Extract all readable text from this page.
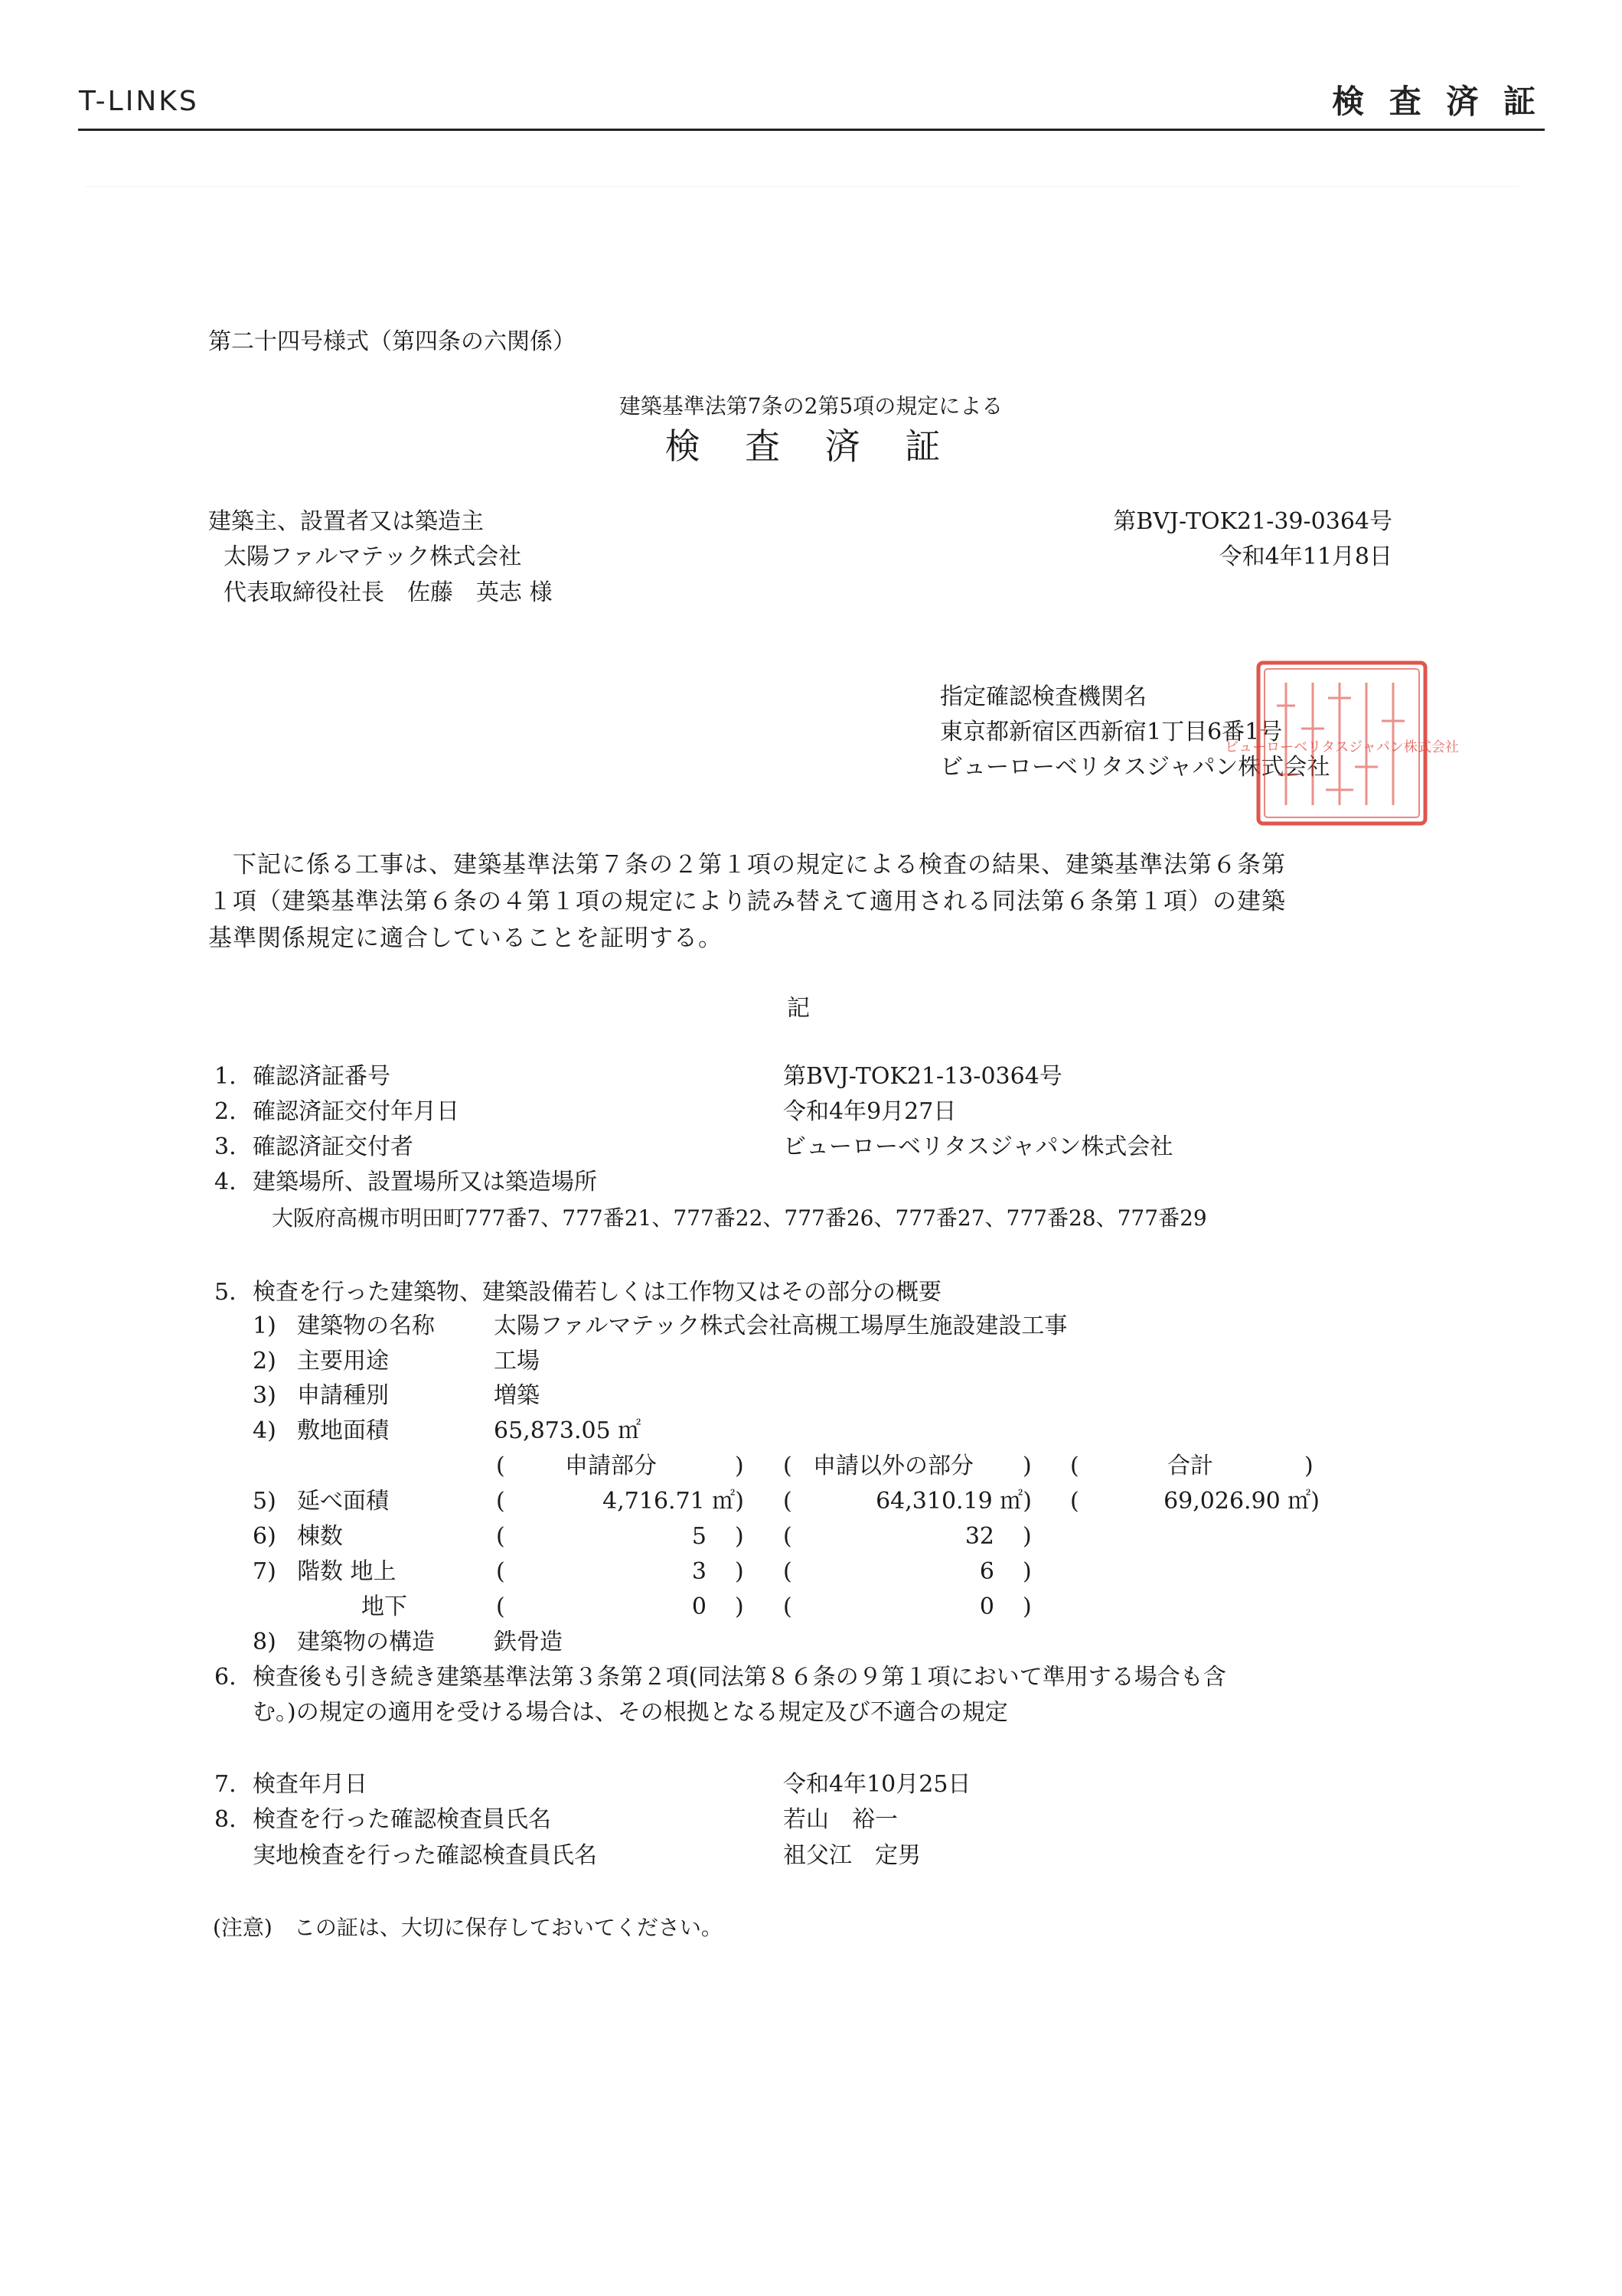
T-LINKS	検 査 済 証
第二十四号様式（第四条の六関係）
建築基準法第7条の2第5項の規定による
検 査 済 証
建築主、設置者又は築造主
太陽ファルマテック株式会社
代表取締役社長　佐藤　英志 様
第BVJ-TOK21-39-0364号
令和4年11月8日
指定確認検査機関名
東京都新宿区西新宿1丁目6番1号
ビューローベリタスジャパン株式会社
ビューローベリタスジャパン株式会社
　下記に係る工事は、建築基準法第７条の２第１項の規定による検査の結果、建築基準法第６条第
１項（建築基準法第６条の４第１項の規定により読み替えて適用される同法第６条第１項）の建築
基準関係規定に適合していることを証明する。
記
1. 確認済証番号	第BVJ-TOK21-13-0364号
2. 確認済証交付年月日	令和4年9月27日
3. 確認済証交付者	ビューローベリタスジャパン株式会社
4. 建築場所、設置場所又は築造場所
大阪府高槻市明田町777番7、777番21、777番22、777番26、777番27、777番28、777番29
5. 検査を行った建築物、建築設備若しくは工作物又はその部分の概要
1) 建築物の名称	太陽ファルマテック株式会社高槻工場厚生施設建設工事
2) 主要用途	工場
3) 申請種別	増築
4) 敷地面積	65,873.05 ㎡
(	申請部分	) ( 申請以外の部分 ) (	合計	)
5) 延べ面積	(	4,716.71 ㎡) (	64,310.19 ㎡) (	69,026.90 ㎡)
6) 棟数	(	5 ) (	32 )
7) 階数 地上	(	3 ) (	6 )
地下	(	0 ) (	0 )
8) 建築物の構造	鉄骨造
6. 検査後も引き続き建築基準法第３条第２項(同法第８６条の９第１項において準用する場合も含
む。)の規定の適用を受ける場合は、その根拠となる規定及び不適合の規定
7. 検査年月日	令和4年10月25日
8. 検査を行った確認検査員氏名	若山　裕一
実地検査を行った確認検査員氏名	祖父江　定男
(注意)　この証は、大切に保存しておいてください。
